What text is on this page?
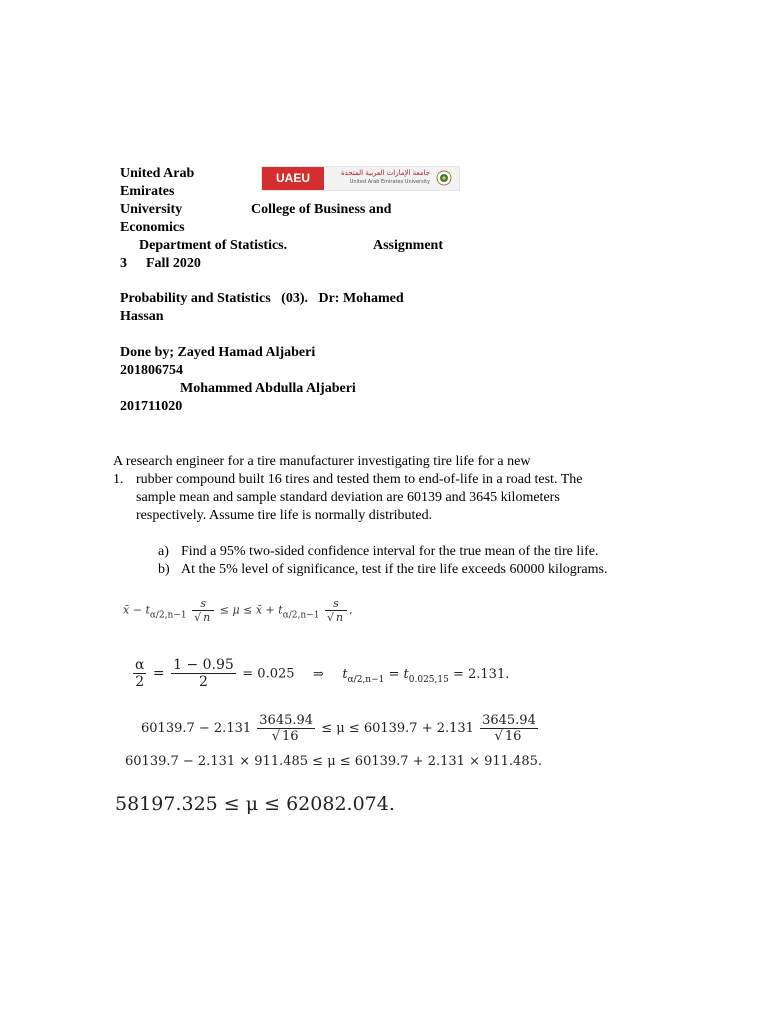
United Arab
Emirates
University	College of Business and
Economics
Department of Statistics.	Assignment
3 Fall 2020
Probability and Statistics   (03).   Dr: Mohamed
Hassan
Done by; Zayed Hamad Aljaberi
201806754
Mohammed Abdulla Aljaberi
201711020
UAEU	جامعة الإمارات العربية المتحدة
United Arab Emirates University
A research engineer for a tire manufacturer investigating tire life for a new
1. rubber compound built 16 tires and tested them to end-of-life in a road test. The
sample mean and sample standard deviation are 60139 and 3645 kilometers
respectively. Assume tire life is normally distributed.
a) Find a 95% two-sided confidence interval for the true mean of the tire life.
b) At the 5% level of significance, test if the tire life exceeds 60000 kilograms.
x̄ − $t_{\alpha/2,n-1} \frac{s}{√ n} \le \mu$ ≤ x̄ + $t_{\alpha/2,n-1} \frac{s}{√ n}$ ,
$\frac{\alpha}{2} = \frac{1 - 0.95}{2} = 0.025$ ⇒ $t_{\alpha/2,n-1} = t_{0.025,15} = 2.131$.
$60139.7 - 2.131 \frac{3645.94}{√ 16} \le \mu \le 60139.7 + 2.131 \frac{3645.94}{√ 16}$
60139.7 − 2.131 × 911.485 ≤ μ ≤ 60139.7 + 2.131 × 911.485.
58197.325 ≤ μ ≤ 62082.074.
